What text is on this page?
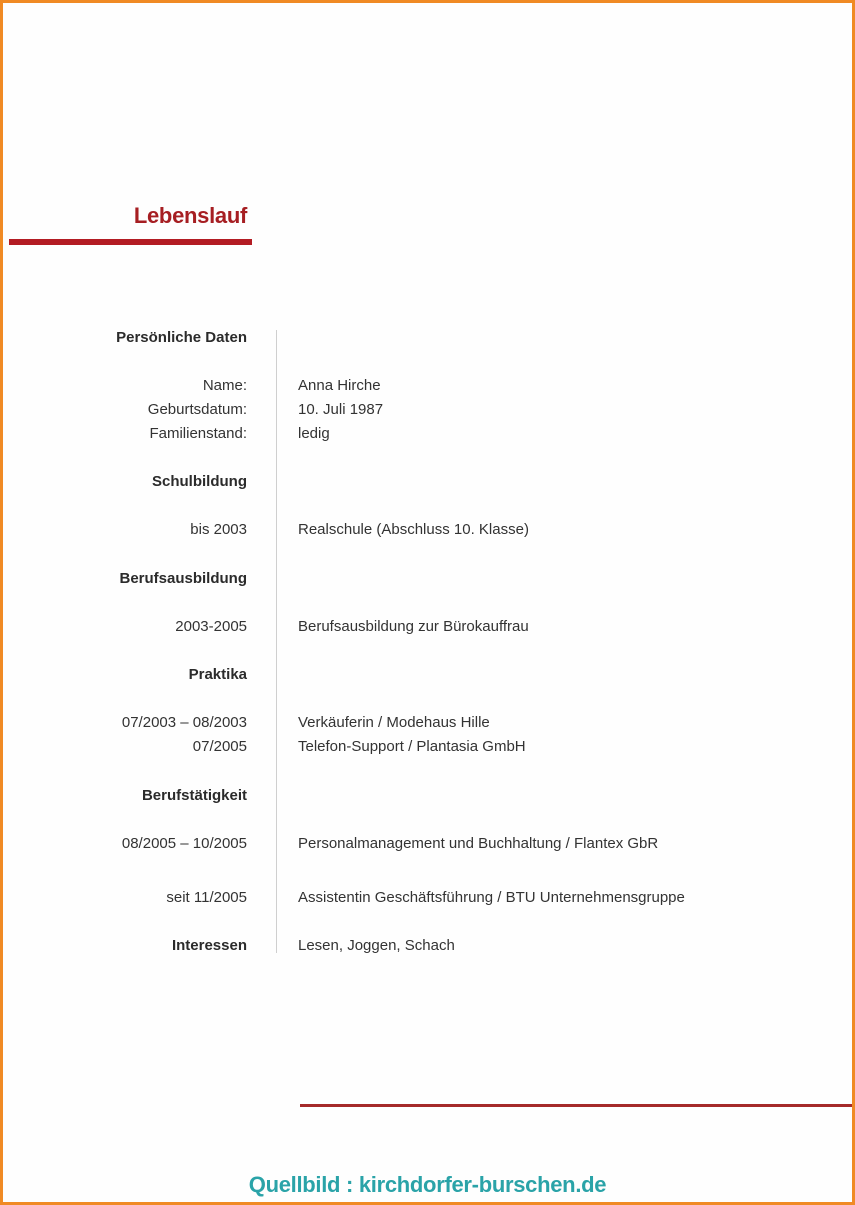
Lebenslauf
Persönliche Daten
Name:	Anna Hirche
Geburtsdatum:	10. Juli 1987
Familienstand:	ledig
Schulbildung
bis 2003	Realschule (Abschluss 10. Klasse)
Berufsausbildung
2003-2005	Berufsausbildung zur Bürokauffrau
Praktika
07/2003 – 08/2003	Verkäuferin / Modehaus Hille
07/2005	Telefon-Support / Plantasia GmbH
Berufstätigkeit
08/2005 – 10/2005	Personalmanagement und Buchhaltung / Flantex GbR
seit 11/2005	Assistentin Geschäftsführung / BTU Unternehmensgruppe
Interessen	Lesen, Joggen, Schach
Quellbild : kirchdorfer-burschen.de
